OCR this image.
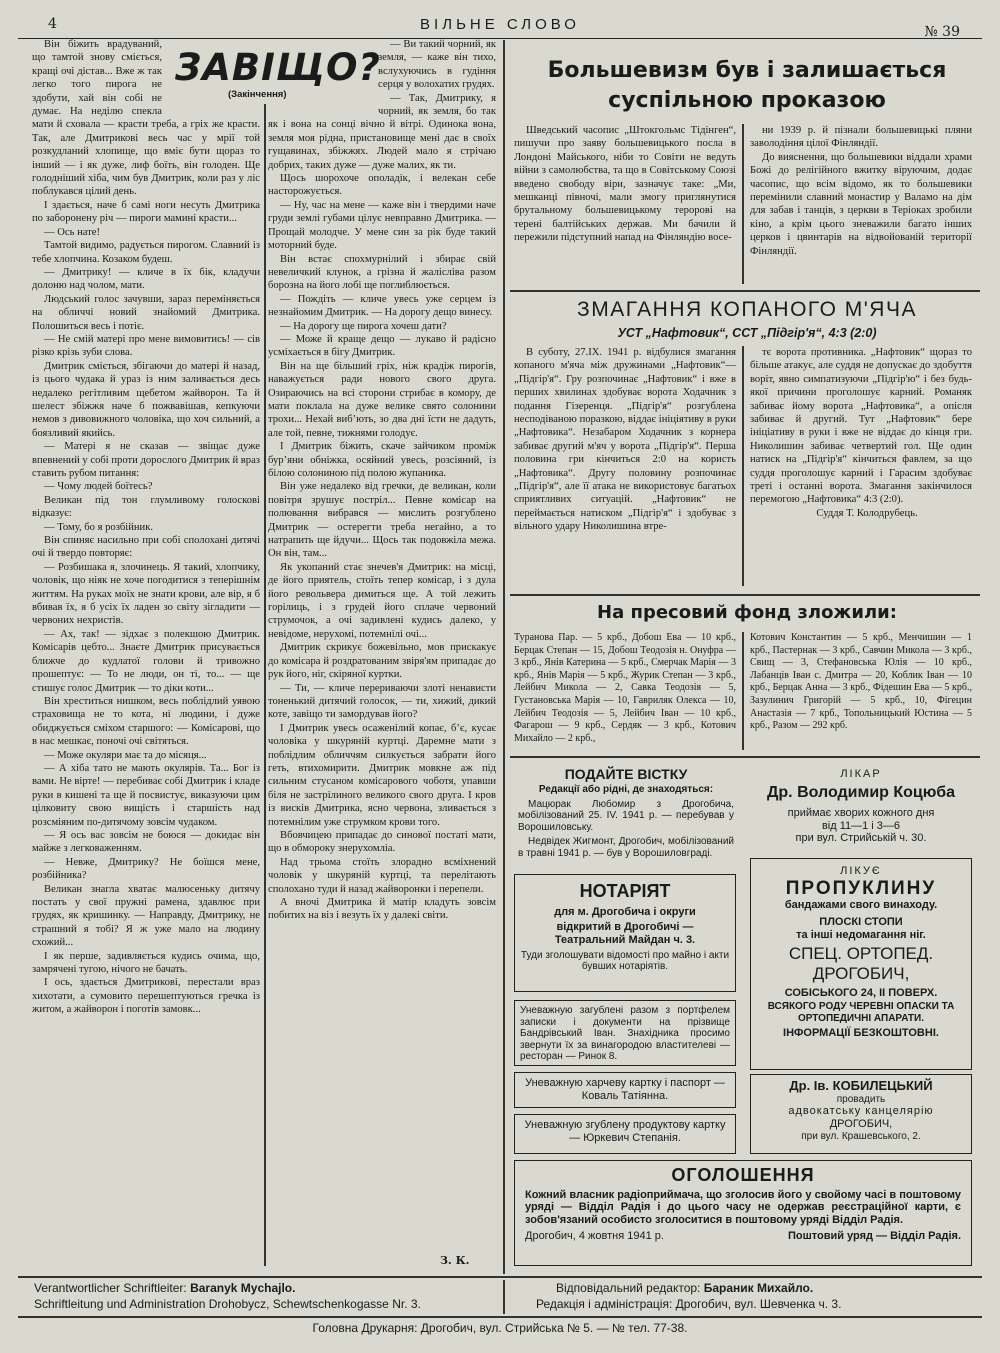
4	ВІЛЬНЕ СЛОВО	№ 39

Він біжить врадуваний, що тамтой знову сміється, кращі очі дістав... Вже ж так легко того пирога не здобути, хай він собі не думає. На неділю спекла мати й сховала — красти треба, а гріх же красти. Так, але Дмитрикові весь час у мрії той розкудланий хлопище, що вміє бути щораз то інший — і як дуже, лиф боїть, він голоден. Ще голодніший хіба, чим був Дмитрик, коли раз у ліс поблукався цілий день.

І здається, наче б самі ноги несуть Дмитрика по заборонену річ — пироги мамині красти...

— Ось нате!

Тамтой видимо, радується пирогом. Славний із тебе хлопчина. Козаком будеш.

— Дмитрику! — кличе в їх бік, кладучи долоню над чолом, мати.

Людський голос зачувши, зараз переміняється на обличчі новий знайомий Дмитрика. Полошиться весь і потіє.

— Не смій матері про мене вимовитись! — сів різко крізь зуби слова.

Дмитрик сміється, збігаючи до матері й назад, із цього чудака й ураз із ним заливається десь недалеко регітливим щебетом жайворон. Та й шелест збіжжя наче б пожвавішав, кепкуючи немов з дивовижного чоловіка, що хоч сильний, а боязливий якийсь.

— Матері я не сказав — звіщає дуже впевнений у собі проти дорослого Дмитрик й враз ставить рубом питання:

— Чому людей боїтесь?

Великан під тон глумливому голоскові відказує:

— Тому, бо я розбійник.

Він спиняє насильно при собі сполохані дитячі очі й твердо повторяє:

— Розбишака я, злочинець. Я такий, хлопчику, чоловік, що ніяк не хоче погодитися з теперішнім життям. На руках моїх не знати крови, але вір, я б вбивав їх, я б усіх їх ладен зо світу зігладити — червоних нехристів.

— Ах, так! — зідхає з полекшою Дмитрик. Комісарів цебто... Знаєте Дмитрик присувається ближче до кудлатої голови й тривожно прошептує: — То не люди, он ті, то... — ще стишує голос Дмитрик — то діки коти...

Він хреститься нишком, весь поблідлий уявою страховища не то кота, ні людини, і дуже обиджується сміхом старшого: — Комісарові, що в нас мешкає, поночі очі світяться.

— Може окуляри має та до місяця...

— А хіба тато не мають окулярів. Та... Бог із вами. Не вірте! — перебиває собі Дмитрик і кладе руки в кишені та ще й посвистує, виказуючи цим цілковиту свою вищість і старшість над розсміяним по-дитячому зовсім чудаком.

— Я ось вас зовсім не боюся — докидає він майже з легковаженням.

— Невже, Дмитрику? Не боїшся мене, розбійника?

Великан знагла хватає малюсеньку дитячу постать у свої пружні рамена, здавлює при грудях, як кришинку. — Направду, Дмитрику, не страшний я тобі? Я ж уже мало на людину схожий...

І як перше, задивляється кудись очима, що, замрячені тугою, нічого не бачать.

І ось, здається Дмитрикові, перестали враз хихотати, а сумовито перешептуються гречка із житом, а жайворон і поготів замовк...

— Ви такий чорний, як земля, — каже він тихо, вслухуючись в гудіння серця у волохатих грудях.

— Так, Дмитрику, я чорний, як земля, бо так як і вона на сонці вічно й вітрі. Одинока вона, земля моя рідна, пристановище мені дає в своїх гущавинах, збіжжях. Людей мало я стрічаю добрих, таких дуже — дуже малих, як ти.

Щось шорохоче ополадік, і велекан себе насторожується.

— Ну, час на мене — каже він і твердими наче груди землі губами цілує невправно Дмитрика. — Прощай молодче. У мене син за рік буде такий моторний буде.

Він встає спохмурнілий і збирає свій невеличкий клунок, а грізна й жалісліва разом борозна на його лобі ще поглиблюється.

— Пождіть — кличе увесь уже серцем із незнайомим Дмитрик. — На дорогу дещо винесу.

— На дорогу ще пирога хочеш дати?

— Може й краще дещо — лукаво й радісно усміхається в бігу Дмитрик.

Він на ще більший гріх, ніж крадіж пирогів, наважується ради нового свого друга. Озираючись на всі сторони стрибає в комору, де мати поклала на дуже велике свято солонини трохи... Нехай вибʼють, зо два дні їсти не дадуть, але той, певне, тижнями голодує.

І Дмитрик біжить, скаче зайчиком проміж бурʼяни обніжка, осяйний увесь, розсіяний, із білою солониною під полою жупаника.

Він уже недалеко від гречки, де великан, коли повітря зрушує постріл... Певне комісар на полювання вибрався — мислить розгублено Дмитрик — остерегти треба негайно, а то натрапить ще йдучи... Щось так подовжіла межа. Он він, там...

Як укопаний стає знечев'я Дмитрик: на місці, де його приятель, стоїть тепер комісар, і з дула його револьвера димиться ще. А той лежить горілиць, і з грудей його сплаче червоний струмочок, а очі задивлені кудись далеко, у невідоме, нерухомі, потемнілі очі...

Дмитрик скрикує божевільно, мов прискакує до комісара й роздратованим звіря'ям припадає до рук його, ніг, скіряної куртки.

— Ти, — кличе перериваючи злоті ненависти тоненький дитячий голосок, — ти, хижий, дикий коте, завіщо ти замордував його?

І Дмитрик увесь осаженілий копає, бʼє, кусає чоловіка у шкуряній куртці. Даремне мати з поблідлим обличчям силкується забрати його геть, втихомирити. Дмитрик мовкне аж під сильним стусаном комісарового чоботя, упавши біля не застрілиного великого свого друга. І кров із висків Дмитрика, ясно червона, зливається з потемнілим уже струмком крови того.

Вбовчицею припадає до синової постаті мати, що в обмороку знерухомліа.

Над трьома стоїть злорадно всміхнений чоловік у шкуряній куртці, та перелітають сполохано туди й назад жайворонки і перепели.

А вночі Дмитрика й матір кладуть зовсім побитих на віз і везуть їх у далекі світи.

ЗАВІЩО?
(Закінчення)
З. К.
Большевизм був і залишається суспільною проказою

Шведський часопис „Штокгольмс Тідінген“, пишучи про заяву большевицького посла в Лондоні Майського, ніби то Совіти не ведуть війни з самолюбства, та що в Совітському Союзі введено свободу віри, зазначує таке: „Ми, мешканці півночі, мали змогу приглянутися брутальному большевицькому теророві на терені балтійських держав. Ми бачили й пережили підступний напад на Фінляндію восе-

ни 1939 р. й пізнали большевицькі пляни заволодіння цілої Фінляндії.

До вияснення, що большевики віддали храми Божі до релігійного вжитку віруючим, додає часопис, що всім відомо, як то большевики перемінили славний монастир у Валамо на дім для забав і танців, з церкви в Теріоках зробили кіно, а крім цього зневажили багато інших церков і цвинтарів на відвойованій території Фінляндії.

ЗМАГАННЯ КОПАНОГО М'ЯЧА
УСТ „Нафтовик“, ССТ „Підгір'я“, 4:3 (2:0)

В суботу, 27.ІХ. 1941 р. відбулися змагання копаного м'яча між дружинами „Нафтовик“—„Підгір'я“. Гру розпочинає „Нафтовик“ і вже в перших хвилинах здобуває ворота Ходачник з подання Гізеренця. „Підгір'я“ розгублена несподіваною поразкою, віддає ініціятиву в руки „Нафтовика“. Незабаром Ходачник з корнера забиває другий м'яч у ворота „Підгір'я“. Перша половина гри кінчиться 2:0 на користь „Нафтовика“. Другу половину розпочинає „Підгір'я“, але її атака не використовує багатьох сприятливих ситуацій. „Нафтовик“ не переймається натиском „Підгір'я“ і здобуває з вільного удару Николишина втре-

тє ворота противника. „Нафтовик“ щораз то більше атакує, але суддя не допускає до здобуття воріт, явно симпатизуючи „Підгір'ю“ і без будь-якої причини проголошує карний. Романяк забиває йому ворота „Нафтовика“, а опісля забиває й другий. Тут „Нафтовик“ бере ініціативу в руки і вже не віддає до кінця гри. Николишин забиває четвертий гол. Ще один натиск на „Підгір'я“ кінчиться фавлем, за що суддя проголошує карний і Гарасим здобуває треті і останні ворота. Змагання закінчилося перемогою „Нафтовика“ 4:3 (2:0).

Суддя Т. Колодрубець.

На пресовий фонд зложили:
Туранова Пар. — 5 крб., Добош Ева — 10 крб., Берцак Степан — 15, Добош Теодозія н. Онуфра — 3 крб., Янів Катерина — 5 крб., Смерчак Марія — 3 крб., Янів Марія — 5 крб., Журик Степан — 3 крб., Лейбич Микола — 2, Савка Теодозія — 5, Густановська Марія — 10, Гавриляк Олекса — 10, Лейбич Теодозія — 5, Лейбич Іван — 10 крб., Фагарош — 9 крб., Сердяк — 3 крб., Котович Михайло — 2 крб.,
Котович Константин — 5 крб., Менчишин — 1 крб., Пастернак — 3 крб., Савчин Микола — 3 крб., Свищ — 3, Стефановська Юлія — 10 крб., Лабанців Іван с. Дмитра — 20, Коблик Іван — 10 крб., Берцак Анна — 3 крб., Фідешин Ева — 5 крб., Зазулинич Григорій — 5 крб., 10, Фігецин Анастазія — 7 крб., Топольницький Юстина — 5 крб., Разом — 292 крб.
ПОДАЙТЕ ВІСТКУ
Редакції або рідні, де знаходяться:
Мацюрак Любомир з Дрогобича, мобілізований 25. IV. 1941 р. — перебував у Ворошиловську.
Недвідек Жигмонт, Дрогобич, мобілізований в травні 1941 р. — був у Ворошиловграді.
НОТАРІЯТ
для м. Дрогобича і округи
відкритий в Дрогобичі —
Театральний Майдан ч. 3.
Туди зголошувати відомості про майно і акти бувших нотаріятів.
Уневажную загублені разом з портфелем записки і документи на прізвище Бандрівський Іван. Знахідника просимо звернути їх за винагородою властителеві — ресторан — Ринок 8.
Уневажную харчеву картку і паспорт — Коваль Татіянна.
Уневажную згублену продуктову картку — Юркевич Степанія.
ЛІКАР
Др. Володимир Коцюба
приймає хворих кожного дня
від 11—1 і 3—6
при вул. Стрийській ч. 30.
ЛІКУЄ
ПРОПУКЛИНУ
бандажами свого винаходу.
ПЛОСКІ СТОПИ
та інші недомагання ніг.
СПЕЦ. ОРТОПЕД.
ДРОГОБИЧ,
СОБІСЬКОГО 24, II ПОВЕРХ.
ВСЯКОГО РОДУ ЧЕРЕВНІ ОПАСКИ ТА ОРТОПЕДИЧНІ АПАРАТИ.
ІНФОРМАЦІЇ БЕЗКОШТОВНІ.
Др. Ів. КОБИЛЕЦЬКИЙ
провадить
адвокатську канцелярію
ДРОГОБИЧ,
при вул. Крашевського, 2.
ОГОЛОШЕННЯ
Кожний власник радіоприймача, що зголосив його у свойому часі в поштовому уряді — Відділ Радія і до цього часу не одержав реєстраційної карти, є зобов'язаний особисто зголоситися в поштовому уряді Відділ Радія.
Дрогобич, 4 жовтня 1941 р.	Поштовий уряд — Відділ Радія.
Verantwortlicher Schriftleiter: Baranyk Mychajlo.
Schriftleitung und Administration Drohobycz, Schewtschenkogasse Nr. 3.
Відповідальний редактор: Бараник Михайло.
Редакція і адміністрація: Дрогобич, вул. Шевченка ч. 3.
Головна Друкарня: Дрогобич, вул. Стрийська № 5. — № тел. 77-38.
